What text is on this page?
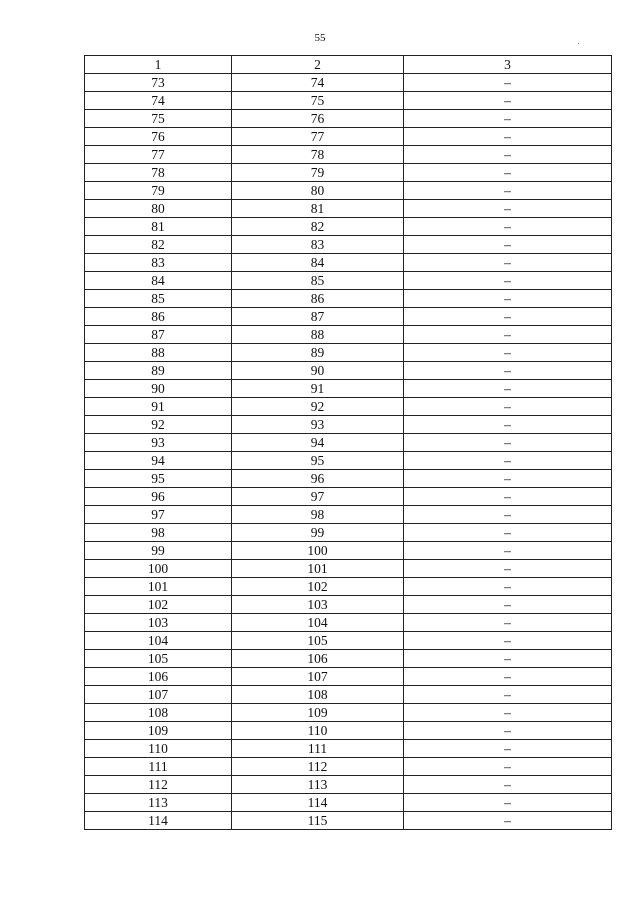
55
1	2	3
73	74	–
74	75	–
75	76	–
76	77	–
77	78	–
78	79	–
79	80	–
80	81	–
81	82	–
82	83	–
83	84	–
84	85	–
85	86	–
86	87	–
87	88	–
88	89	–
89	90	–
90	91	–
91	92	–
92	93	–
93	94	–
94	95	–
95	96	–
96	97	–
97	98	–
98	99	–
99	100	–
100	101	–
101	102	–
102	103	–
103	104	–
104	105	–
105	106	–
106	107	–
107	108	–
108	109	–
109	110	–
110	111	–
111	112	–
112	113	–
113	114	–
114	115	–
